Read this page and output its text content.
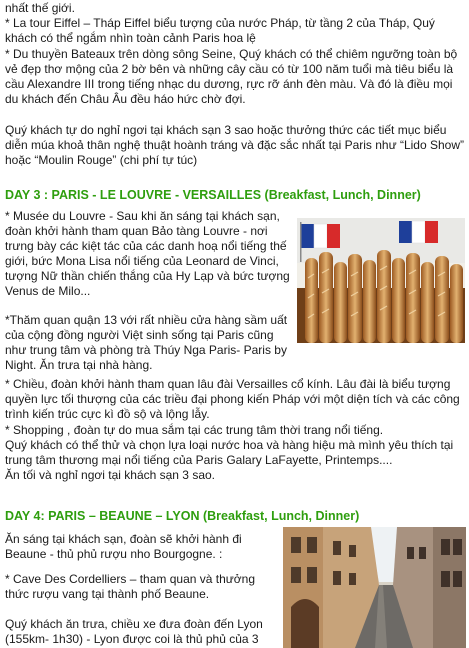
nhất thế giới.

* La tour Eiffel – Tháp Eiffel biểu tượng của nước Pháp, từ tầng 2 của Tháp, Quý khách có thể ngắm nhìn toàn cảnh Paris hoa lệ

* Du thuyền Bateaux trên dòng sông Seine, Quý khách có thể chiêm ngưỡng toàn bộ vẻ đẹp thơ mộng của 2 bờ bên và những cây cầu có từ 100 năm tuổi mà tiêu biểu là cầu Alexandre III trong tiếng nhạc du dương, rực rỡ ánh đèn màu. Và đó là điều mọi du khách đến Châu Âu đều háo hức chờ đợi.

Quý khách tự do nghỉ ngơi tại khách sạn 3 sao hoặc thưởng thức các tiết mục biểu diễn múa khoả thân nghệ thuật hoành tráng và đặc sắc nhất tại Paris như “Lido Show” hoặc “Moulin Rouge” (chi phí tự túc)

DAY 3 : PARIS - LE LOUVRE - VERSAILLES (Breakfast, Lunch, Dinner)

* Musée du Louvre - Sau khi ăn sáng tại khách sạn, đoàn khởi hành tham quan Bảo tàng Louvre - nơi trưng bày các kiệt tác của các danh hoạ nổi tiếng thế giới, bức Mona Lisa nổi tiếng của Leonard de Vinci, tượng Nữ thần chiến thắng của Hy Lạp và bức tượng Venus de Milo...

*Thăm quan quận 13 với rất nhiều cửa hàng sầm uất của cộng đồng người Việt sinh sống tại Paris cũng như trung tâm và phòng trà Thúy Nga Paris- Paris by Night. Ăn trưa tại nhà hàng.

* Chiều, đoàn khởi hành tham quan lâu đài Versailles cổ kính. Lâu đài là biểu tượng quyền lực tối thượng của các triều đại phong kiến Pháp với một diện tích và các công trình kiến trúc cực kì đồ sộ và lộng lẫy.

* Shopping , đoàn tự do mua sắm tại các trung tâm thời trang nổi tiếng.

Quý khách có thể thử và chọn lựa loại nước hoa và hàng hiệu mà mình yêu thích tại trung tâm thương mại nổi tiếng của Paris Galary LaFayette, Printemps....

Ăn tối và nghỉ ngơi tại khách sạn 3 sao.

DAY 4: PARIS – BEAUNE – LYON (Breakfast, Lunch, Dinner)

Ăn sáng tại khách sạn, đoàn sẽ khởi hành đi Beaune - thủ phủ rượu nho Bourgogne. :

* Cave Des Cordelliers – tham quan và thưởng thức rượu vang tại thành phố Beaune.

Quý khách ăn trưa, chiều xe đưa đoàn đến Lyon (155km- 1h30) - Lyon được coi là thủ phủ của 3
